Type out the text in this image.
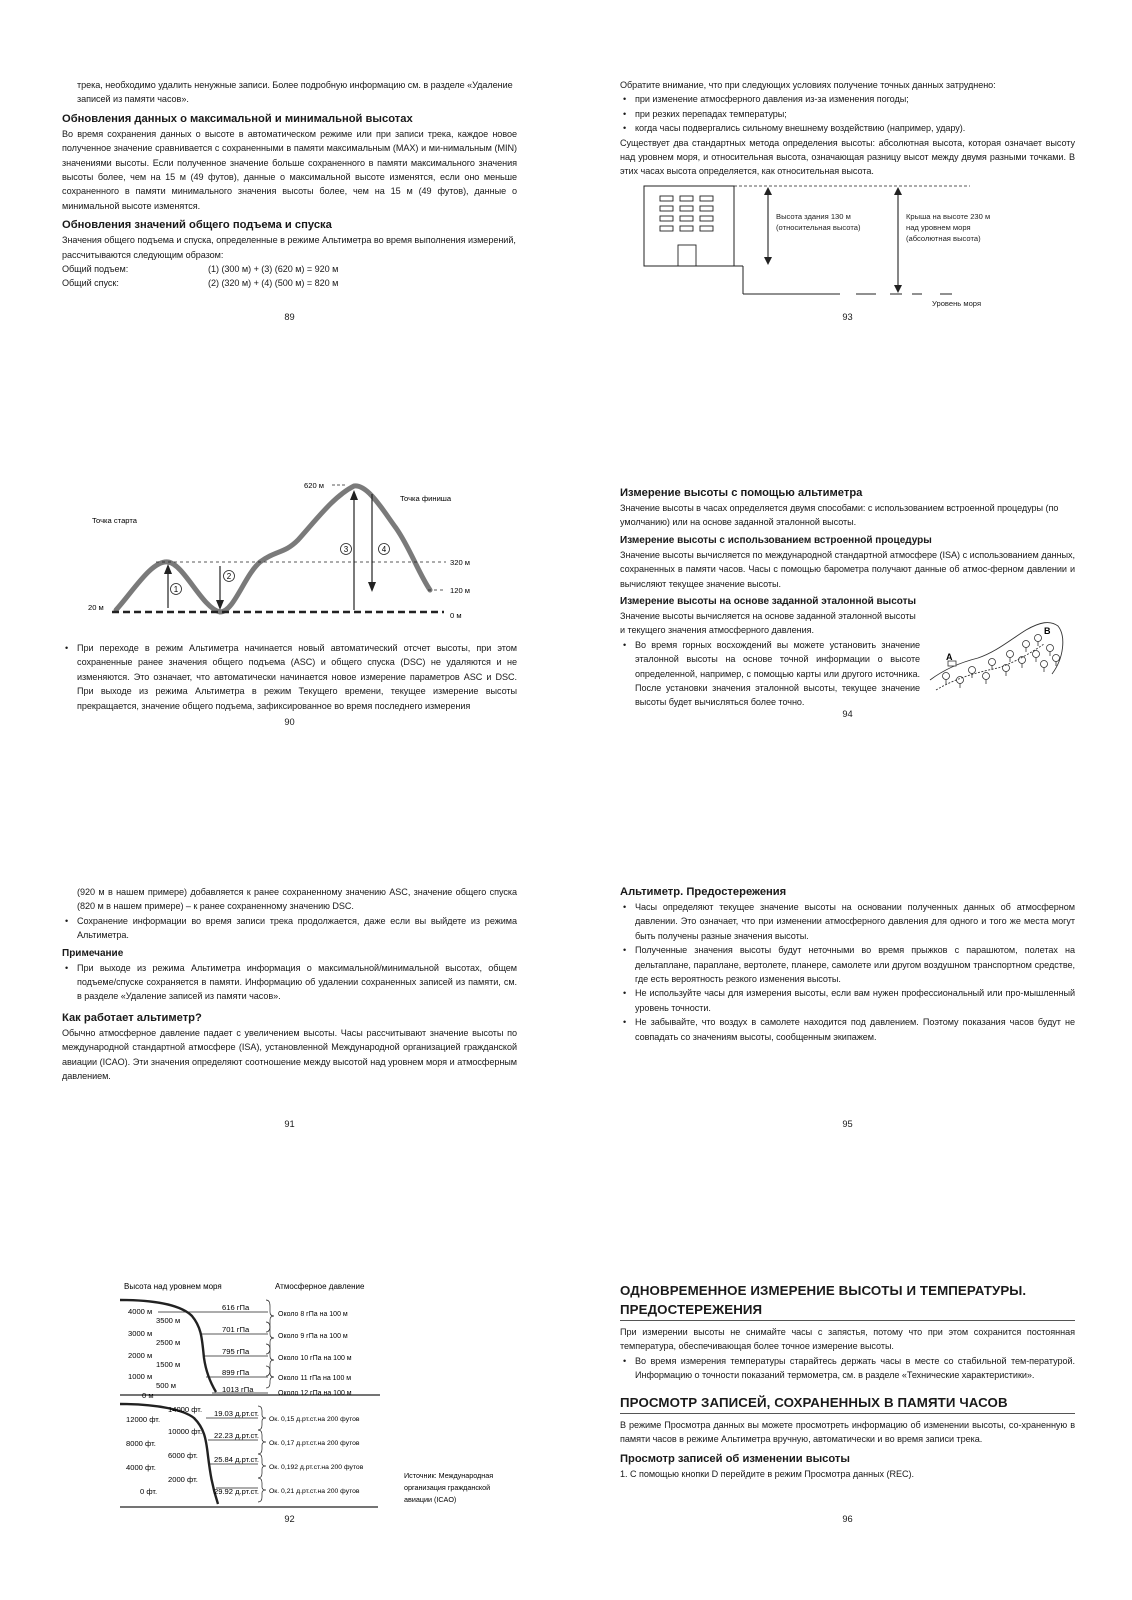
трека, необходимо удалить ненужные записи. Более подробную информацию см. в разделе «Удаление записей из памяти часов».

Обновления данных о максимальной и минимальной высотах

Во время сохранения данных о высоте в автоматическом режиме или при записи трека, каждое новое полученное значение сравнивается с сохраненными в памяти максимальным (MAX) и ми-нимальным (MIN) значениями высоты. Если полученное значение больше сохраненного в памяти максимального значения высоты более, чем на 15 м (49 футов), данные о максимальной высоте изменятся, если оно меньше сохраненного в памяти минимального значения высоты более, чем на 15 м (49 футов), данные о минимальной высоте изменятся.

Обновления значений общего подъема и спуска

Значения общего подъема и спуска, определенные в режиме Альтиметра во время выполнения измерений, рассчитываются следующим образом:

Общий подъем:	(1) (300 м) + (3) (620 м) = 920 м
Общий спуск:	(2) (320 м) + (4) (500 м) = 820 м
89

Обратите внимание, что при следующих условиях получение точных данных затруднено:

• при изменение атмосферного давления из-за изменения погоды;

• при резких перепадах температуры;

• когда часы подвергались сильному внешнему воздействию (например, удару).

Существует два стандартных метода определения высоты: абсолютная высота, которая означает высоту над уровнем моря, и относительная высота, означающая разницу высот между двумя разными точками. В этих часах высота определяется, как относительная высота.

Высота здания 130 м
(относительная высота)
Крыша на высоте 230 м
над уровнем моря
(абсолютная высота)
Уровень моря
93
1
2
3	4
620 м
Точка финиша
Точка старта
320 м
120 м
20 м
0 м

• При переходе в режим Альтиметра начинается новый автоматический отсчет высоты, при этом сохраненные ранее значения общего подъема (ASC) и общего спуска (DSC) не удаляются и не изменяются. Это означает, что автоматически начинается новое измерение параметров ASC и DSC. При выходе из режима Альтиметра в режим Текущего времени, текущее измерение высоты прекращается, значение общего подъема, зафиксированное во время последнего измерения

90

Измерение высоты с помощью альтиметра

Значение высоты в часах определяется двумя способами: с использованием встроенной процедуры (по умолчанию) или на основе заданной эталонной высоты.

Измерение высоты с использованием встроенной процедуры

Значение высоты вычисляется по международной стандартной атмосфере (ISA) с использованием данных, сохраненных в памяти часов. Часы с помощью барометра получают данные об атмос-ферном давлении и вычисляют текущее значение высоты.

Измерение высоты на основе заданной эталонной высоты

Значение высоты вычисляется на основе заданной эталонной высоты и текущего значения атмосферного давления.

• Во время горных восхождений вы можете установить значение эталонной высоты на основе точной информации о высоте определенной, например, с помощью карты или другого источника. После установки значения эталонной высоты, текущее значение высоты будет вычисляться более точно.

A
B
94

(920 м в нашем примере) добавляется к ранее сохраненному значению ASC, значение общего спуска (820 м в нашем примере) – к ранее сохраненному значению DSC.

• Сохранение информации во время записи трека продолжается, даже если вы выйдете из режима Альтиметра.

Примечание

• При выходе из режима Альтиметра информация о максимальной/минимальной высотах, общем подъеме/спуске сохраняется в памяти. Информацию об удалении сохраненных записей из памяти, см. в разделе «Удаление записей из памяти часов».

Как работает альтиметр?

Обычно атмосферное давление падает с увеличением высоты. Часы рассчитывают значение высоты по международной стандартной атмосфере (ISA), установленной Международной организацией гражданской авиации (ICAO). Эти значения определяют соотношение между высотой над уровнем моря и атмосферным давлением.

91

Альтиметр. Предостережения

• Часы определяют текущее значение высоты на основании полученных данных об атмосферном давлении. Это означает, что при изменении атмосферного давления для одного и того же места могут быть получены разные значения высоты.

• Полученные значения высоты будут неточными во время прыжков с парашютом, полетах на дельтаплане, параплане, вертолете, планере, самолете или другом воздушном транспортном средстве, где есть вероятность резкого изменения высоты.

• Не используйте часы для измерения высоты, если вам нужен профессиональный или про-мышленный уровень точности.

• Не забывайте, что воздух в самолете находится под давлением. Поэтому показания часов будут не совпадать со значениям высоты, сообщенным экипажем.

95
Высота над уровнем моря	Атмосферное давление
4000 м
3500 м
3000 м
2500 м
2000 м
1500 м
1000 м
500 м
0 м
616 гПа
701 гПа
795 гПа
899 гПа
1013 гПа
Около 8 гПа на 100 м
Около 9 гПа на 100 м
Около 10 гПа на 100 м
Около 11 гПа на 100 м
Около 12 гПа на 100 м
14000 фт.
12000 фт.
10000 фт.
8000 фт.
6000 фт.
4000 фт.
2000 фт.
0 фт.
19.03 д.рт.ст.
22.23 д.рт.ст.
25.84 д.рт.ст.
29.92 д.рт.ст.
Ок. 0,15 д.рт.ст.на 200 футов
Ок. 0,17 д.рт.ст.на 200 футов
Ок. 0,192 д.рт.ст.на 200 футов
Ок. 0,21 д.рт.ст.на 200 футов
Источник: Международная
организация гражданской
авиации (ICAO)
92

ОДНОВРЕМЕННОЕ ИЗМЕРЕНИЕ ВЫСОТЫ И ТЕМПЕРАТУРЫ.

ПРЕДОСТЕРЕЖЕНИЯ

При измерении высоты не снимайте часы с запястья, потому что при этом сохранится постоянная температура, обеспечивающая более точное измерение высоты.

• Во время измерения температуры старайтесь держать часы в месте со стабильной тем-пературой. Информацию о точности показаний термометра, см. в разделе «Технические характеристики».

ПРОСМОТР ЗАПИСЕЙ, СОХРАНЕННЫХ В ПАМЯТИ ЧАСОВ

В режиме Просмотра данных вы можете просмотреть информацию об изменении высоты, со-храненную в памяти часов в режиме Альтиметра вручную, автоматически и во время записи трека.

Просмотр записей об изменении высоты

1. С помощью кнопки D перейдите в режим Просмотра данных (REC).

96
